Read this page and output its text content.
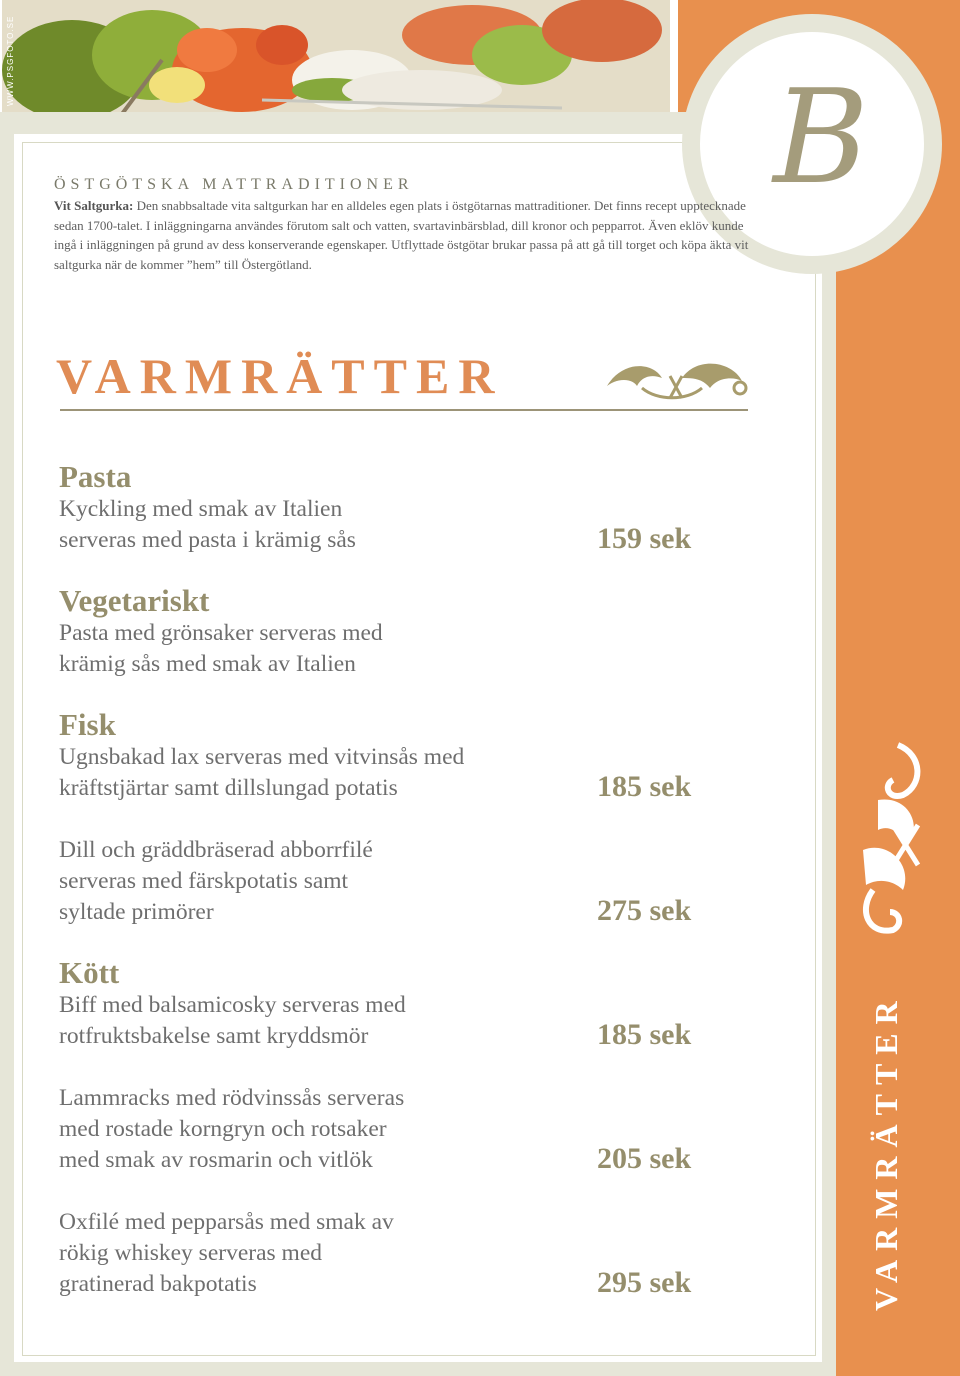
WWW.PSGFOTO.SE
B

ÖSTGÖTSKA MATTRADITIONER

Vit Saltgurka: Den snabbsaltade vita saltgurkan har en alldeles egen plats i östgötarnas mattraditioner. Det finns recept upptecknade sedan 1700-talet. I inläggningarna användes förutom salt och vatten, svartavinbärsblad, dill kronor och pepparrot. Även eklöv kunde ingå i inläggningen på grund av dess konserverande egenskaper. Utflyttade östgötar brukar passa på att gå till torget och köpa äkta vit saltgurka när de kommer ”hem” till Östergötland.

VARMRÄTTER

Pasta

Kyckling med smak av Italien
serveras med pasta i krämig sås	159 sek

Vegetariskt

Pasta med grönsaker serveras med
krämig sås med smak av Italien

Fisk

Ugnsbakad lax serveras med vitvinsås med
kräftstjärtar samt dillslungad potatis	185 sek
Dill och gräddbräserad abborrfilé
serveras med färskpotatis samt
syltade primörer	275 sek

Kött

Biff med balsamicosky serveras med
rotfruktsbakelse samt kryddsmör	185 sek
Lammracks med rödvinssås serveras
med rostade korngryn och rotsaker
med smak av rosmarin och vitlök	205 sek
Oxfilé med pepparsås med smak av
rökig whiskey serveras med
gratinerad bakpotatis	295 sek	VARMRÄTTER
